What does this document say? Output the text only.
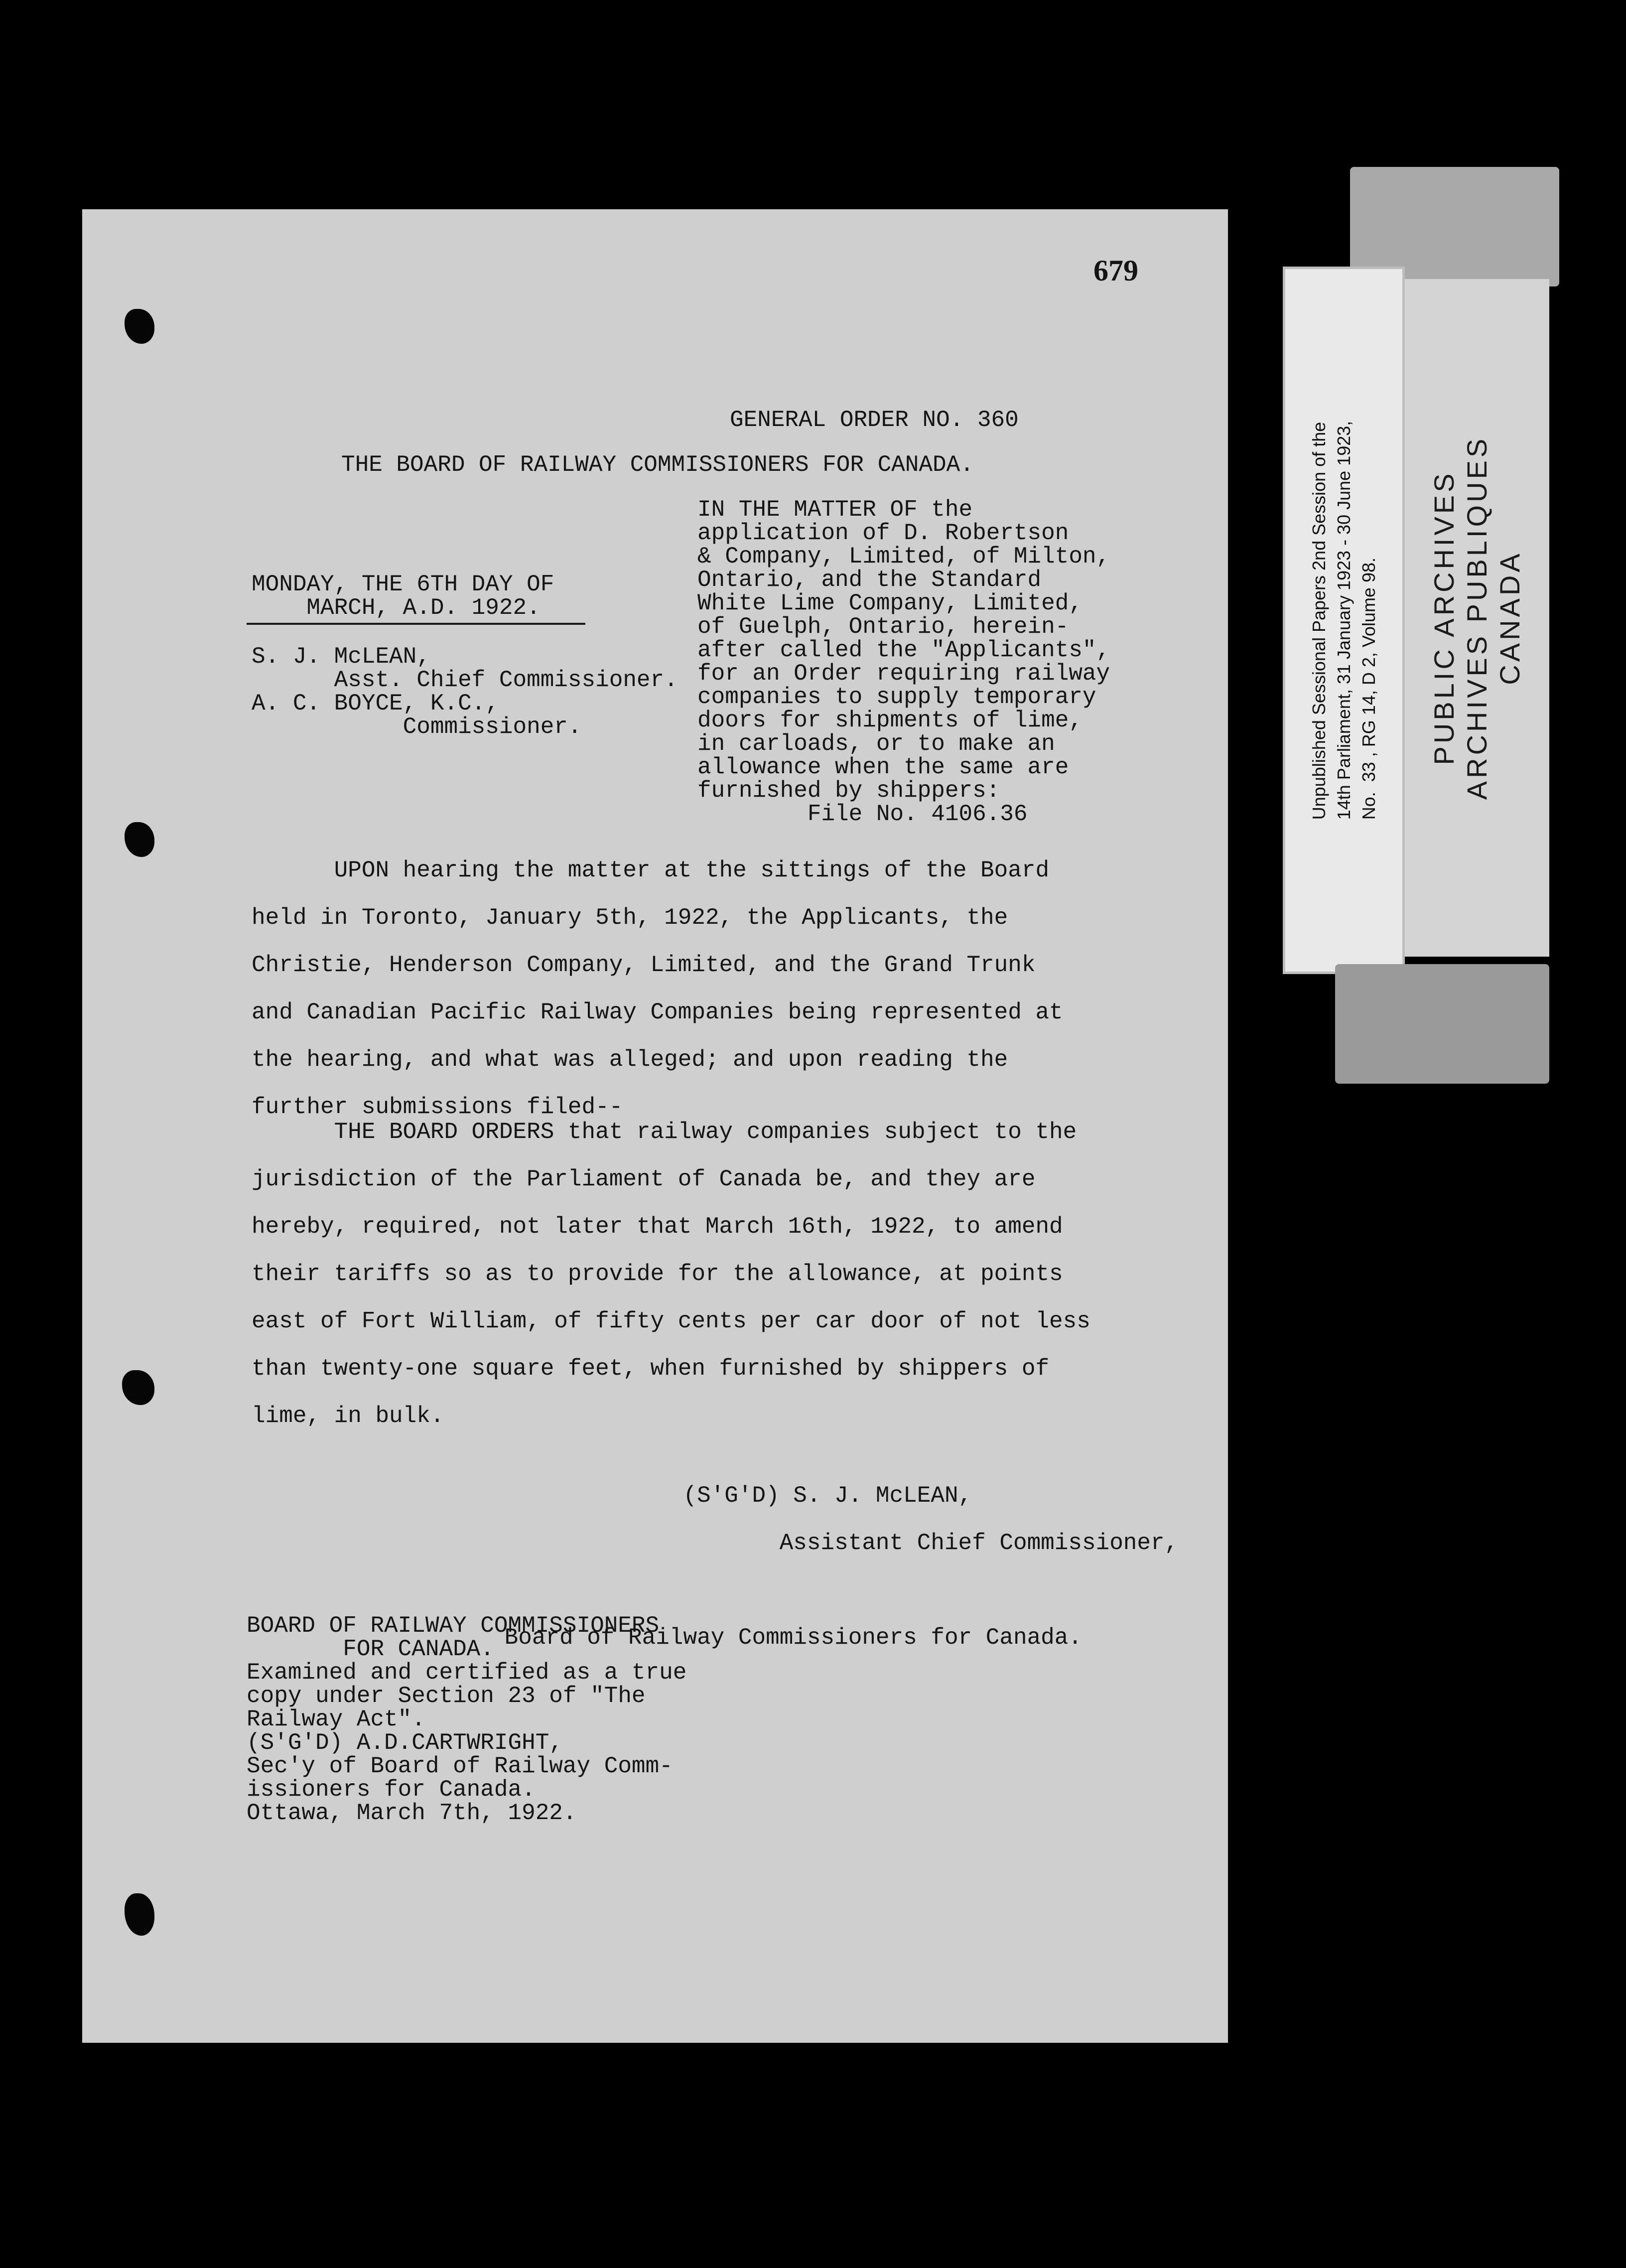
679
GENERAL ORDER NO. 360
THE BOARD OF RAILWAY COMMISSIONERS FOR CANADA.
IN THE MATTER OF the
application of D. Robertson
& Company, Limited, of Milton,
Ontario, and the Standard
White Lime Company, Limited,
of Guelph, Ontario, herein-
after called the "Applicants",
for an Order requiring railway
companies to supply temporary
doors for shipments of lime,
in carloads, or to make an
allowance when the same are
furnished by shippers:
File No. 4106.36
MONDAY, THE 6TH DAY OF
MARCH, A.D. 1922.
S. J. McLEAN,
Asst. Chief Commissioner.
A. C. BOYCE, K.C.,
Commissioner.
UPON hearing the matter at the sittings of the Board
held in Toronto, January 5th, 1922, the Applicants, the
Christie, Henderson Company, Limited, and the Grand Trunk
and Canadian Pacific Railway Companies being represented at
the hearing, and what was alleged; and upon reading the
further submissions filed--
THE BOARD ORDERS that railway companies subject to the
jurisdiction of the Parliament of Canada be, and they are
hereby, required, not later that March 16th, 1922, to amend
their tariffs so as to provide for the allowance, at points
east of Fort William, of fifty cents per car door of not less
than twenty-one square feet, when furnished by shippers of
lime, in bulk.
(S'G'D) S. J. McLEAN,
Assistant Chief Commissioner,

Board of Railway Commissioners for Canada.
BOARD OF RAILWAY COMMISSIONERS
FOR CANADA.
Examined and certified as a true
copy under Section 23 of "The
Railway Act".
(S'G'D) A.D.CARTWRIGHT,
Sec'y of Board of Railway Comm-
issioners for Canada.
Ottawa, March 7th, 1922.
PUBLIC ARCHIVES
ARCHIVES PUBLIQUES
CANADA
Unpublished Sessional Papers 2nd Session of the
14th Parliament, 31 January 1923 - 30 June 1923,
No.  33 , RG 14, D 2, Volume 98.
